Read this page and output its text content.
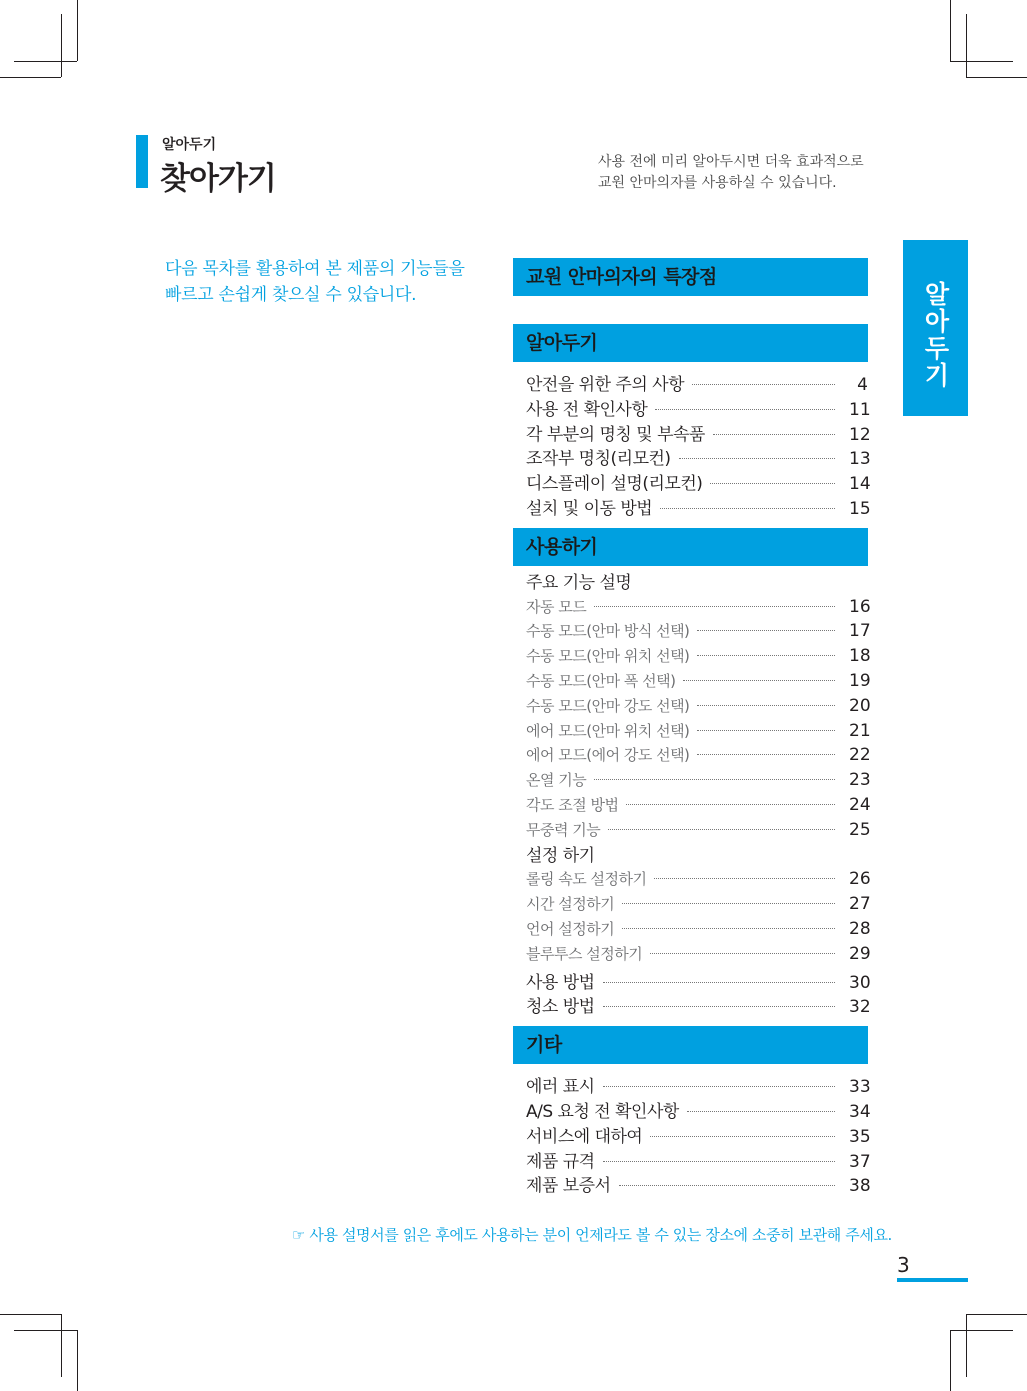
알아두기
찾아가기	사용 전에 미리 알아두시면 더욱 효과적으로
교원 안마의자를 사용하실 수 있습니다.
다음 목차를 활용하여 본 제품의 기능들을
빠르고 손쉽게 찾으실 수 있습니다.	알아두기
교원 안마의자의 특장점
알아두기
안전을 위한 주의 사항	4
사용 전 확인사항	11
각 부분의 명칭 및 부속품	12
조작부 명칭(리모컨)	13
디스플레이 설명(리모컨)	14
설치 및 이동 방법	15
사용하기
주요 기능 설명
자동 모드	16
수동 모드(안마 방식 선택)	17
수동 모드(안마 위치 선택)	18
수동 모드(안마 폭 선택)	19
수동 모드(안마 강도 선택)	20
에어 모드(안마 위치 선택)	21
에어 모드(에어 강도 선택)	22
온열 기능	23
각도 조절 방법	24
무중력 기능	25
설정 하기
롤링 속도 설정하기	26
시간 설정하기	27
언어 설정하기	28
블루투스 설정하기	29
사용 방법	30
청소 방법	32
기타
에러 표시	33
A/S 요청 전 확인사항	34
서비스에 대하여	35
제품 규격	37
제품 보증서	38
☞ 사용 설명서를 읽은 후에도 사용하는 분이 언제라도 볼 수 있는 장소에 소중히 보관해 주세요.
3
